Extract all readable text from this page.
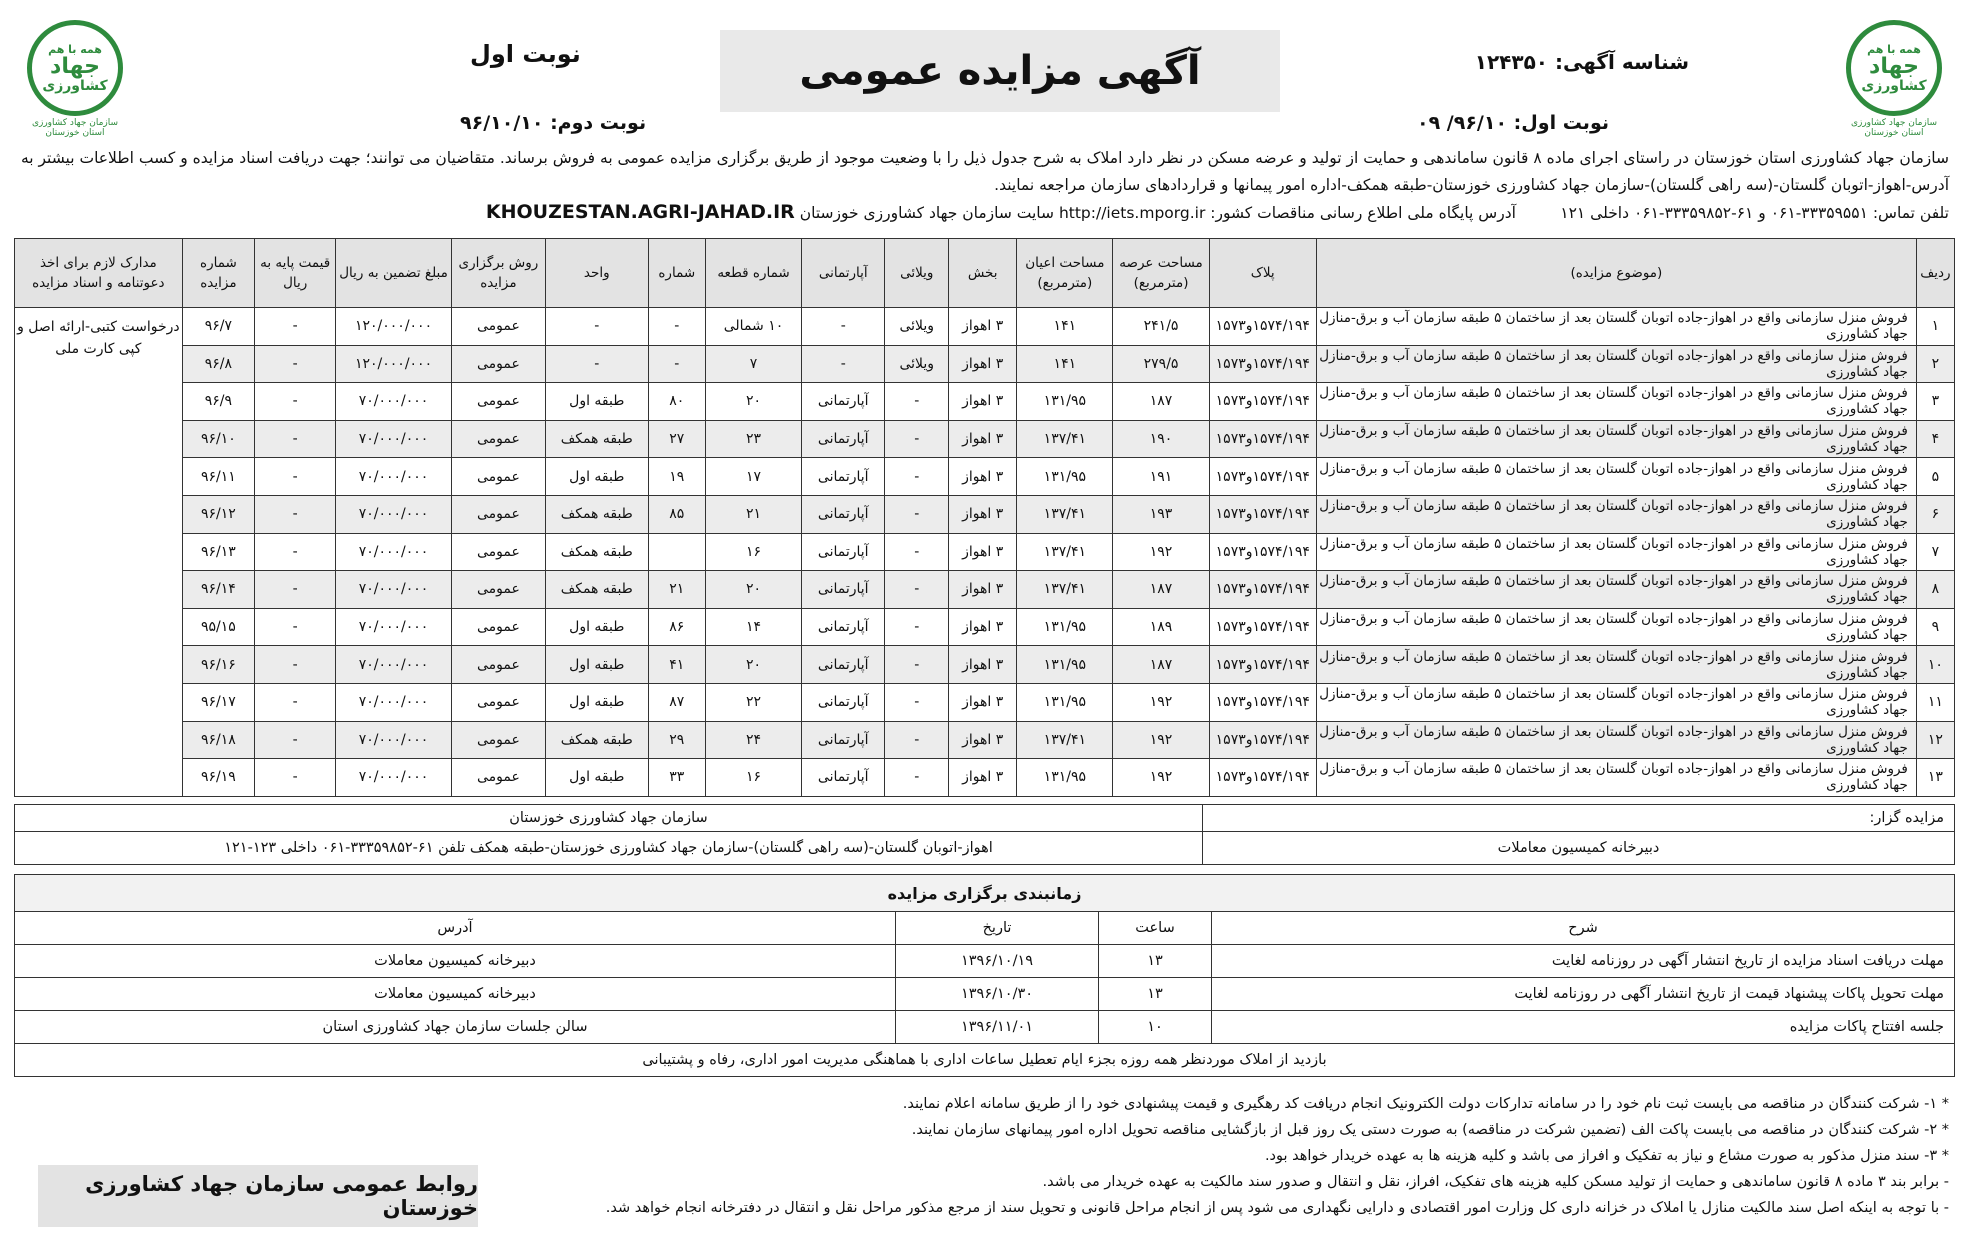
همه با هم
جهاد
کشاورزی
سازمان جهاد کشاورزی استان خوزستان
همه با هم
جهاد
کشاورزی
سازمان جهاد کشاورزی استان خوزستان
آگهی مزایده عمومی	شناسه آگهی: ۱۲۴۳۵۰
نوبت اول
نوبت اول: ۹۶/۱۰/ ۰۹
نوبت دوم: ۹۶/۱۰/۱۰
سازمان جهاد کشاورزی استان خوزستان در راستای اجرای ماده ۸ قانون ساماندهی و حمایت از تولید و عرضه مسکن در نظر دارد املاک به شرح جدول ذیل را با وضعیت موجود از طریق برگزاری مزایده عمومی به فروش برساند. متقاضیان می توانند؛ جهت دریافت اسناد مزایده و کسب اطلاعات بیشتر به
آدرس-اهواز-اتوبان گلستان-(سه راهی گلستان)-سازمان جهاد کشاورزی خوزستان-طبقه همکف-اداره امور پیمانها و قراردادهای سازمان مراجعه نمایند.
تلفن تماس: ۳۳۳۵۹۵۵۱-۰۶۱ و ۶۱-۳۳۳۵۹۸۵۲-۰۶۱ داخلی ۱۲۱         آدرس پایگاه ملی اطلاع رسانی مناقصات کشور: http://iets.mporg.ir سایت سازمان جهاد کشاورزی خوزستان KHOUZESTAN.AGRI-JAHAD.IR
ردیف	(موضوع مزایده)	پلاک	مساحت عرصه (مترمربع)	مساحت اعیان (مترمربع)	بخش	ویلائی	آپارتمانی	شماره قطعه	شماره	واحد	روش برگزاری مزایده	مبلغ تضمین به ریال	قیمت پایه به ریال	شماره مزایده	مدارک لازم برای اخذ دعوتنامه و اسناد مزایده
۱	فروش منزل سازمانی واقع در اهواز-جاده اتوبان گلستان بعد از ساختمان ۵ طبقه سازمان آب و برق-منازل جهاد کشاورزی	۱۵۷۴/۱۹۴و۱۵۷۳	۲۴۱/۵	۱۴۱	۳ اهواز	ویلائی	-	۱۰ شمالی	-	-	عمومی	۱۲۰/۰۰۰/۰۰۰	-	۹۶/۷	درخواست کتبی-ارائه اصل و کپی کارت ملی
۲	فروش منزل سازمانی واقع در اهواز-جاده اتوبان گلستان بعد از ساختمان ۵ طبقه سازمان آب و برق-منازل جهاد کشاورزی	۱۵۷۴/۱۹۴و۱۵۷۳	۲۷۹/۵	۱۴۱	۳ اهواز	ویلائی	-	۷	-	-	عمومی	۱۲۰/۰۰۰/۰۰۰	-	۹۶/۸	
۳	فروش منزل سازمانی واقع در اهواز-جاده اتوبان گلستان بعد از ساختمان ۵ طبقه سازمان آب و برق-منازل جهاد کشاورزی	۱۵۷۴/۱۹۴و۱۵۷۳	۱۸۷	۱۳۱/۹۵	۳ اهواز	-	آپارتمانی	۲۰	۸۰	طبقه اول	عمومی	۷۰/۰۰۰/۰۰۰	-	۹۶/۹	
۴	فروش منزل سازمانی واقع در اهواز-جاده اتوبان گلستان بعد از ساختمان ۵ طبقه سازمان آب و برق-منازل جهاد کشاورزی	۱۵۷۴/۱۹۴و۱۵۷۳	۱۹۰	۱۳۷/۴۱	۳ اهواز	-	آپارتمانی	۲۳	۲۷	طبقه همکف	عمومی	۷۰/۰۰۰/۰۰۰	-	۹۶/۱۰	
۵	فروش منزل سازمانی واقع در اهواز-جاده اتوبان گلستان بعد از ساختمان ۵ طبقه سازمان آب و برق-منازل جهاد کشاورزی	۱۵۷۴/۱۹۴و۱۵۷۳	۱۹۱	۱۳۱/۹۵	۳ اهواز	-	آپارتمانی	۱۷	۱۹	طبقه اول	عمومی	۷۰/۰۰۰/۰۰۰	-	۹۶/۱۱	
۶	فروش منزل سازمانی واقع در اهواز-جاده اتوبان گلستان بعد از ساختمان ۵ طبقه سازمان آب و برق-منازل جهاد کشاورزی	۱۵۷۴/۱۹۴و۱۵۷۳	۱۹۳	۱۳۷/۴۱	۳ اهواز	-	آپارتمانی	۲۱	۸۵	طبقه همکف	عمومی	۷۰/۰۰۰/۰۰۰	-	۹۶/۱۲	
۷	فروش منزل سازمانی واقع در اهواز-جاده اتوبان گلستان بعد از ساختمان ۵ طبقه سازمان آب و برق-منازل جهاد کشاورزی	۱۵۷۴/۱۹۴و۱۵۷۳	۱۹۲	۱۳۷/۴۱	۳ اهواز	-	آپارتمانی	۱۶		طبقه همکف	عمومی	۷۰/۰۰۰/۰۰۰	-	۹۶/۱۳	
۸	فروش منزل سازمانی واقع در اهواز-جاده اتوبان گلستان بعد از ساختمان ۵ طبقه سازمان آب و برق-منازل جهاد کشاورزی	۱۵۷۴/۱۹۴و۱۵۷۳	۱۸۷	۱۳۷/۴۱	۳ اهواز	-	آپارتمانی	۲۰	۲۱	طبقه همکف	عمومی	۷۰/۰۰۰/۰۰۰	-	۹۶/۱۴	
۹	فروش منزل سازمانی واقع در اهواز-جاده اتوبان گلستان بعد از ساختمان ۵ طبقه سازمان آب و برق-منازل جهاد کشاورزی	۱۵۷۴/۱۹۴و۱۵۷۳	۱۸۹	۱۳۱/۹۵	۳ اهواز	-	آپارتمانی	۱۴	۸۶	طبقه اول	عمومی	۷۰/۰۰۰/۰۰۰	-	۹۵/۱۵	
۱۰	فروش منزل سازمانی واقع در اهواز-جاده اتوبان گلستان بعد از ساختمان ۵ طبقه سازمان آب و برق-منازل جهاد کشاورزی	۱۵۷۴/۱۹۴و۱۵۷۳	۱۸۷	۱۳۱/۹۵	۳ اهواز	-	آپارتمانی	۲۰	۴۱	طبقه اول	عمومی	۷۰/۰۰۰/۰۰۰	-	۹۶/۱۶	
۱۱	فروش منزل سازمانی واقع در اهواز-جاده اتوبان گلستان بعد از ساختمان ۵ طبقه سازمان آب و برق-منازل جهاد کشاورزی	۱۵۷۴/۱۹۴و۱۵۷۳	۱۹۲	۱۳۱/۹۵	۳ اهواز	-	آپارتمانی	۲۲	۸۷	طبقه اول	عمومی	۷۰/۰۰۰/۰۰۰	-	۹۶/۱۷	
۱۲	فروش منزل سازمانی واقع در اهواز-جاده اتوبان گلستان بعد از ساختمان ۵ طبقه سازمان آب و برق-منازل جهاد کشاورزی	۱۵۷۴/۱۹۴و۱۵۷۳	۱۹۲	۱۳۷/۴۱	۳ اهواز	-	آپارتمانی	۲۴	۲۹	طبقه همکف	عمومی	۷۰/۰۰۰/۰۰۰	-	۹۶/۱۸	
۱۳	فروش منزل سازمانی واقع در اهواز-جاده اتوبان گلستان بعد از ساختمان ۵ طبقه سازمان آب و برق-منازل جهاد کشاورزی	۱۵۷۴/۱۹۴و۱۵۷۳	۱۹۲	۱۳۱/۹۵	۳ اهواز	-	آپارتمانی	۱۶	۳۳	طبقه اول	عمومی	۷۰/۰۰۰/۰۰۰	-	۹۶/۱۹	
مزایده گزار:	سازمان جهاد کشاورزی خوزستان
دبیرخانه کمیسیون معاملات	اهواز-اتوبان گلستان-(سه راهی گلستان)-سازمان جهاد کشاورزی خوزستان-طبقه همکف تلفن ۶۱-۳۳۳۵۹۸۵۲-۰۶۱ داخلی ۱۲۳-۱۲۱
زمانبندی برگزاری مزایده			
شرح	ساعت	تاریخ	آدرس
مهلت دریافت اسناد مزایده از تاریخ انتشار آگهی در روزنامه لغایت	۱۳	۱۳۹۶/۱۰/۱۹	دبیرخانه کمیسیون معاملات
مهلت تحویل پاکات پیشنهاد قیمت از تاریخ انتشار آگهی در روزنامه لغایت	۱۳	۱۳۹۶/۱۰/۳۰	دبیرخانه کمیسیون معاملات
جلسه افتتاح پاکات مزایده	۱۰	۱۳۹۶/۱۱/۰۱	سالن جلسات سازمان جهاد کشاورزی استان
بازدید از املاک موردنظر همه روزه بجزء ایام تعطیل ساعات اداری با هماهنگی مدیریت امور اداری، رفاه و پشتیبانی			
* ۱- شرکت کنندگان در مناقصه می بایست ثبت نام خود را در سامانه تدارکات دولت الکترونیک انجام دریافت کد رهگیری و قیمت پیشنهادی خود را از طریق سامانه اعلام نمایند.
* ۲- شرکت کنندگان در مناقصه می بایست پاکت الف (تضمین شرکت در مناقصه) به صورت دستی یک روز قبل از بازگشایی مناقصه تحویل اداره امور پیمانهای سازمان نمایند.
* ۳- سند منزل مذکور به صورت مشاع و نیاز به تفکیک و افراز می باشد و کلیه هزینه ها به عهده خریدار خواهد بود.
- برابر بند ۳ ماده ۸ قانون ساماندهی و حمایت از تولید مسکن کلیه هزینه های تفکیک، افراز، نقل و انتقال و صدور سند مالکیت به عهده خریدار می باشد.
- با توجه به اینکه اصل سند مالکیت منازل یا املاک در خزانه داری کل وزارت امور اقتصادی و دارایی نگهداری می شود پس از انجام مراحل قانونی و تحویل سند از مرجع مذکور مراحل نقل و انتقال در دفترخانه انجام خواهد شد.
روابط عمومی سازمان جهاد کشاورزی خوزستان
